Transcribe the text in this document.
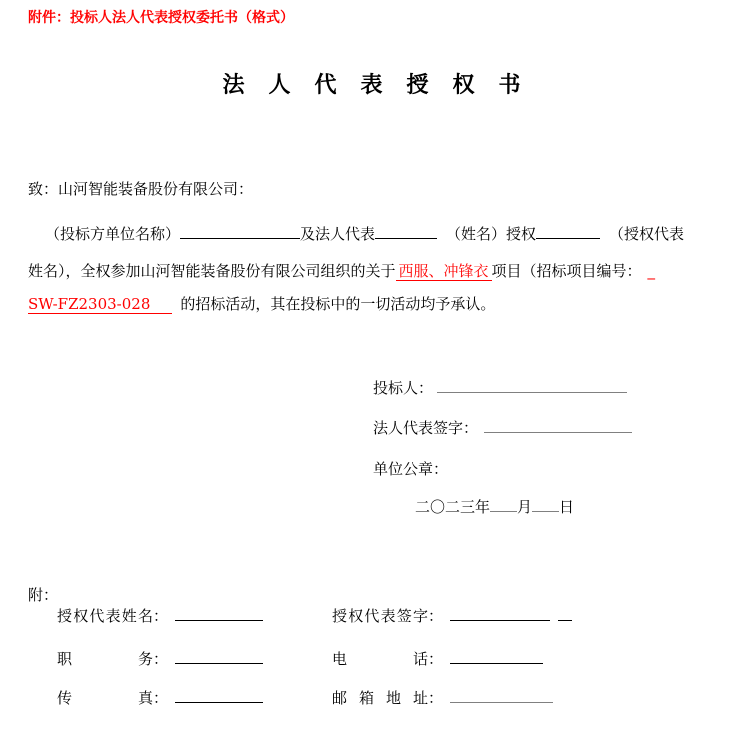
附件：投标人法人代表授权委托书（格式）
法　人　代　表　授　权　书
致：山河智能装备股份有限公司：
（投标方单位名称）	及法人代表	（姓名）授权	（授权代表
姓名），全权参加山河智能装备股份有限公司组织的关于 西服、冲锋衣 项目（招标项目编号： _
SW-FZ2303-028 的招标活动，其在投标中的一切活动均予承认。
投标人：
法人代表签字：
单位公章：
二〇二三年 月 日
附：
授权代表姓名：	授权代表签字：
职务：	电话：
传真：	邮箱地址：
